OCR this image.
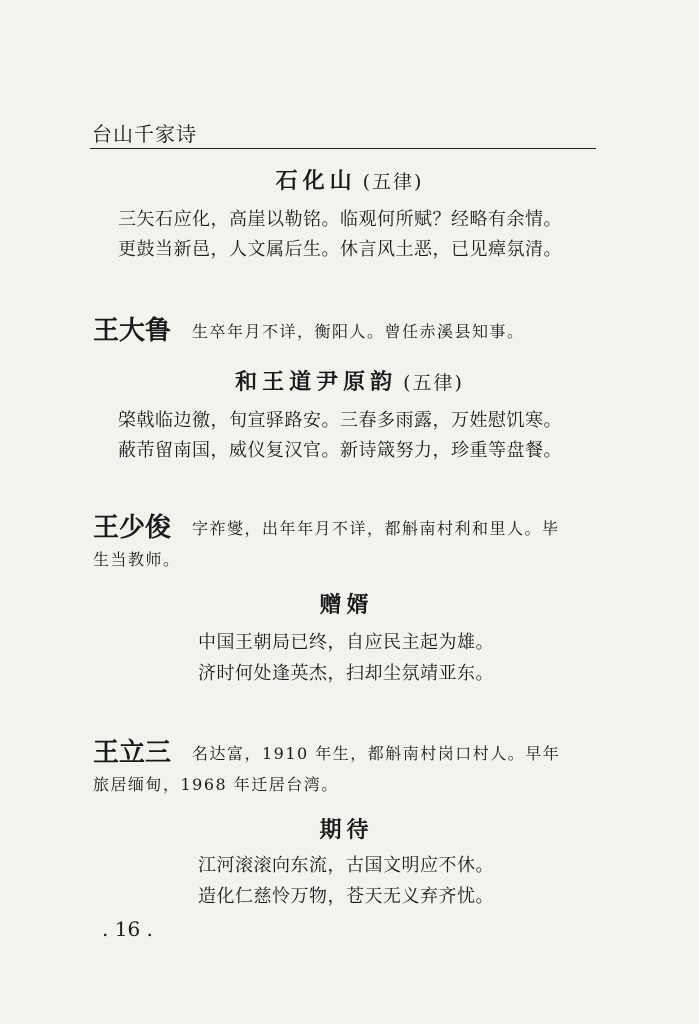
台山千家诗
石化山 (五律)
三矢石应化，高崖以勒铭。临观何所赋？经略有余情。
更鼓当新邑，人文属后生。休言风土恶，已见瘴氛清。
王大鲁 生卒年月不详，衡阳人。曾任赤溪县知事。
和王道尹原韵 (五律)
棨戟临边徼，旬宣驿路安。三春多雨露，万姓慰饥寒。
蔽芾留南国，威仪复汉官。新诗箴努力，珍重等盘餐。
王少俊 字祚燮，出年年月不详，都斛南村利和里人。毕
生当教师。
赠婿
中国王朝局已终，自应民主起为雄。
济时何处逢英杰，扫却尘氛靖亚东。
王立三 名达富，1910 年生，都斛南村岗口村人。早年
旅居缅甸，1968 年迁居台湾。
期待
江河滚滚向东流，古国文明应不休。
造化仁慈怜万物，苍天无义弃齐忧。
. 16 .
